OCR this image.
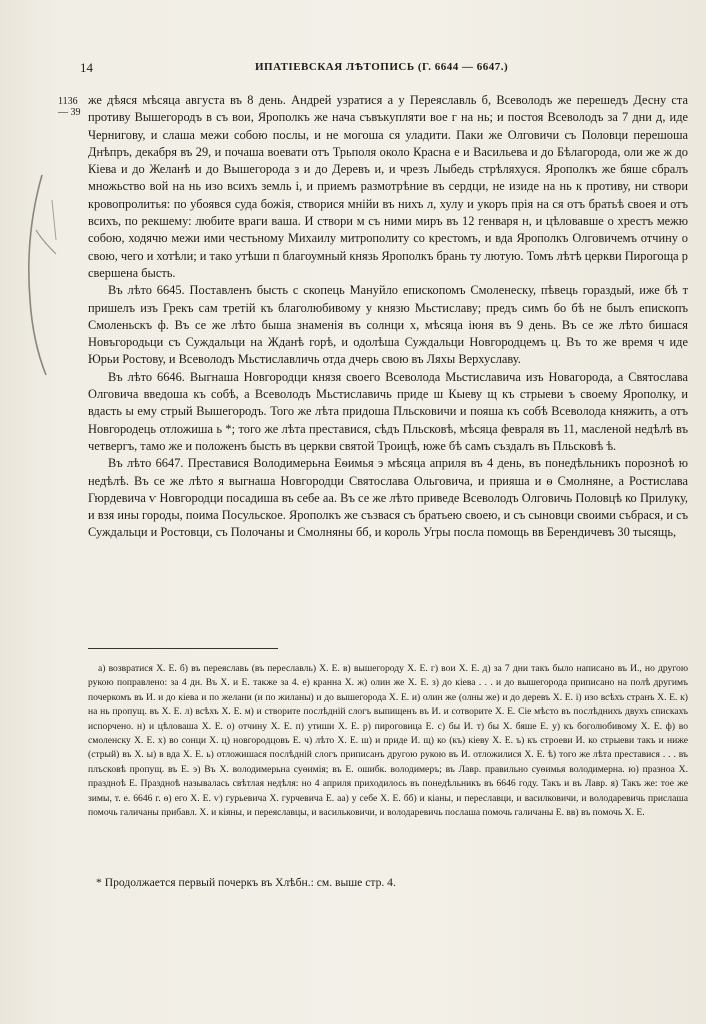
14	ИПАТІЕВСКАЯ ЛѢТОПИСЬ (Г. 6644 — 6647.)
1136 — 39

же дѣяся мѣсяца августа въ 8 день. Андрей узратися а у Переяславль б, Всеволодъ же перешедъ Десну ста противу Вышегородъ в съ вои, Ярополкъ же нача съвъкупляти вое г на нь; и постоя Всеволодъ за 7 дни д, иде Чернигову, и слаша межи собою послы, и не могоша ся уладити. Паки же Олговичи съ Половци перешоша Днѣпръ, декабря въ 29, и почаша воевати отъ Трьполя около Красна е и Васильева и до Бѣлагорода, оли же ж до Кіева и до Желанѣ и до Вышегорода з и до Деревъ и, и чрезъ Лыбедь стрѣляхуся. Ярополкъ же бяше сбралъ множьство вой на нь изо всихъ земль і, и приемъ размотрѣние въ сердци, не изиде на нь к противу, ни створи кровопролитья: по убоявся суда божія, створися мнійи въ нихъ л, хулу и укоръ прія на ся отъ братьѣ своея и отъ всихъ, по рекшему: любите враги ваша. И створи м съ ними миръ въ 12 генваря н, и цѣловавше о хрестъ межю собою, ходячю межи ими честьному Михаилу митрополиту со крестомъ, и вда Ярополкъ Олговичемъ отчину о свою, чего и хотѣли; и тако утѣши п благоумный князь Ярополкъ брань ту лютую. Томъ лѣтѣ церкви Пирогоща р свершена бысть.

Въ лѣто 6645. Поставленъ бысть с скопець Мануйло епископомъ Смоленеску, пѣвець гораздый, иже бѣ т пришелъ изъ Грекъ сам третій къ благолюбивому у князю Мьстиславу; предъ симъ бо бѣ не былъ епископъ Смоленьскъ ф. Въ се же лѣто быша знаменія въ солнци х, мѣсяца іюня въ 9 день. Въ се же лѣто бишася Новъгородьци съ Суждальци на Жданѣ горѣ, и одолѣша Суждальци Новгородцемъ ц. Въ то же время ч иде Юрьи Ростову, и Всеволодъ Мьстиславличь отда дчерь свою въ Ляхы Верхуславу.

Въ лѣто 6646. Выгнаша Новгородци князя своего Всеволода Мьстиславича изъ Новагорода, а Святослава Олговича введоша къ собѣ, а Всеволодъ Мьстиславичь приде ш Кыеву щ къ стрыеви ъ своему Ярополку, и вдасть ы ему стрый Вышегородъ. Того же лѣта придоша Пльсковичи и пояша къ собѣ Всеволода княжить, а отъ Новгородець отложиша ь *; того же лѣта преставися, сѣдъ Пльсковѣ, мѣсяца февраля въ 11, масленой недѣлѣ въ четвергъ, тамо же и положенъ бысть въ церкви святой Троицѣ, юже бѣ самъ създалъ въ Пльсковѣ ѣ.

Въ лѣто 6647. Преставися Володимерьна Еѳимья э мѣсяца априля въ 4 день, въ понедѣльникъ порозноѣ ю недѣлѣ. Въ се же лѣто я выгнаша Новгородци Святослава Ольговича, и прияша и ѳ Смолняне, а Ростислава Гюрдевича ѵ Новгородци посадиша въ себе аа. Въ се же лѣто приведе Всеволодъ Олговичь Половцѣ ко Прилуку, и взя ины городы, поима Посульское. Ярополкъ же съзвася съ братьею своею, и съ сыновци своими събрася, и съ Суждальци и Ростовци, съ Полочаны и Смолняны бб, и король Угры посла помощь вв Берендичевъ 30 тысящь,

а) возвратися Х. Е. б) въ переяславь (въ переславль) Х. Е. в) вышегороду Х. Е. г) вои Х. Е. д) за 7 дни такъ было написано въ И., но другою рукою поправлено: за 4 дн. Въ Х. и Е. также за 4. е) кранна Х. ж) олин же Х. Е. з) до кіева . . . и до вышегорода приписано на полѣ другимъ почеркомъ въ И. и до кіева и по желани (и по жиланы) и до вышегорода Х. Е. и) олин же (олны же) и до деревъ Х. Е. і) изо всѣхъ странъ Х. Е. к) на нь пропущ. въ Х. Е. л) всѣхъ Х. Е. м) и створите послѣдній слогъ выпищенъ въ И. и сотворите Х. Е. Сіе мѣсто въ послѣднихъ двухъ спискахъ испорчено. н) и цѣловаша Х. Е. о) отчину Х. Е. п) утиши Х. Е. р) пироговица Е. с) бы И. т) бы Х. бяше Е. у) къ боголюбивому Х. Е. ф) во смоленску Х. Е. х) во сонци Х. ц) новгородцовъ Е. ч) лѣто Х. Е. ш) и приде И. щ) ко (къ) кіеву Х. Е. ъ) къ строеви И. ко стрыеви такъ и ниже (стрый) въ Х. ы) в вда Х. Е. ь) отложишася послѣдній слогъ приписанъ другою рукою въ И. отложилися Х. Е. ѣ) того же лѣта преставися . . . въ плъсковѣ пропущ. въ Е. э) Въ Х. володимерьна суѳимія; въ Е. ошибк. володимеръ; въ Лавр. правильно суѳимья володимерна. ю) празноа Х. праздноѣ Е. Праздноѣ называлась свѣтлая недѣля: но 4 априля приходилось въ понедѣльникъ въ 6646 году. Такъ и въ Лавр. я) Такъ же: тое же зимы, т. е. 6646 г. ѳ) его Х. Е. ѵ) гурьевича Х. гурчевича Е. аа) у себе Х. Е. бб) и кіаны, и переславци, и василковичи, и володаревичь прислаша помочь галичаны прибавл. Х. и кіяны, и переяславцы, и васильковичи, и володаревичь послаша помочь галичаны Е. вв) въ помочь Х. Е.

* Продолжается первый почеркъ въ Хлѣбн.: см. выше стр. 4.
